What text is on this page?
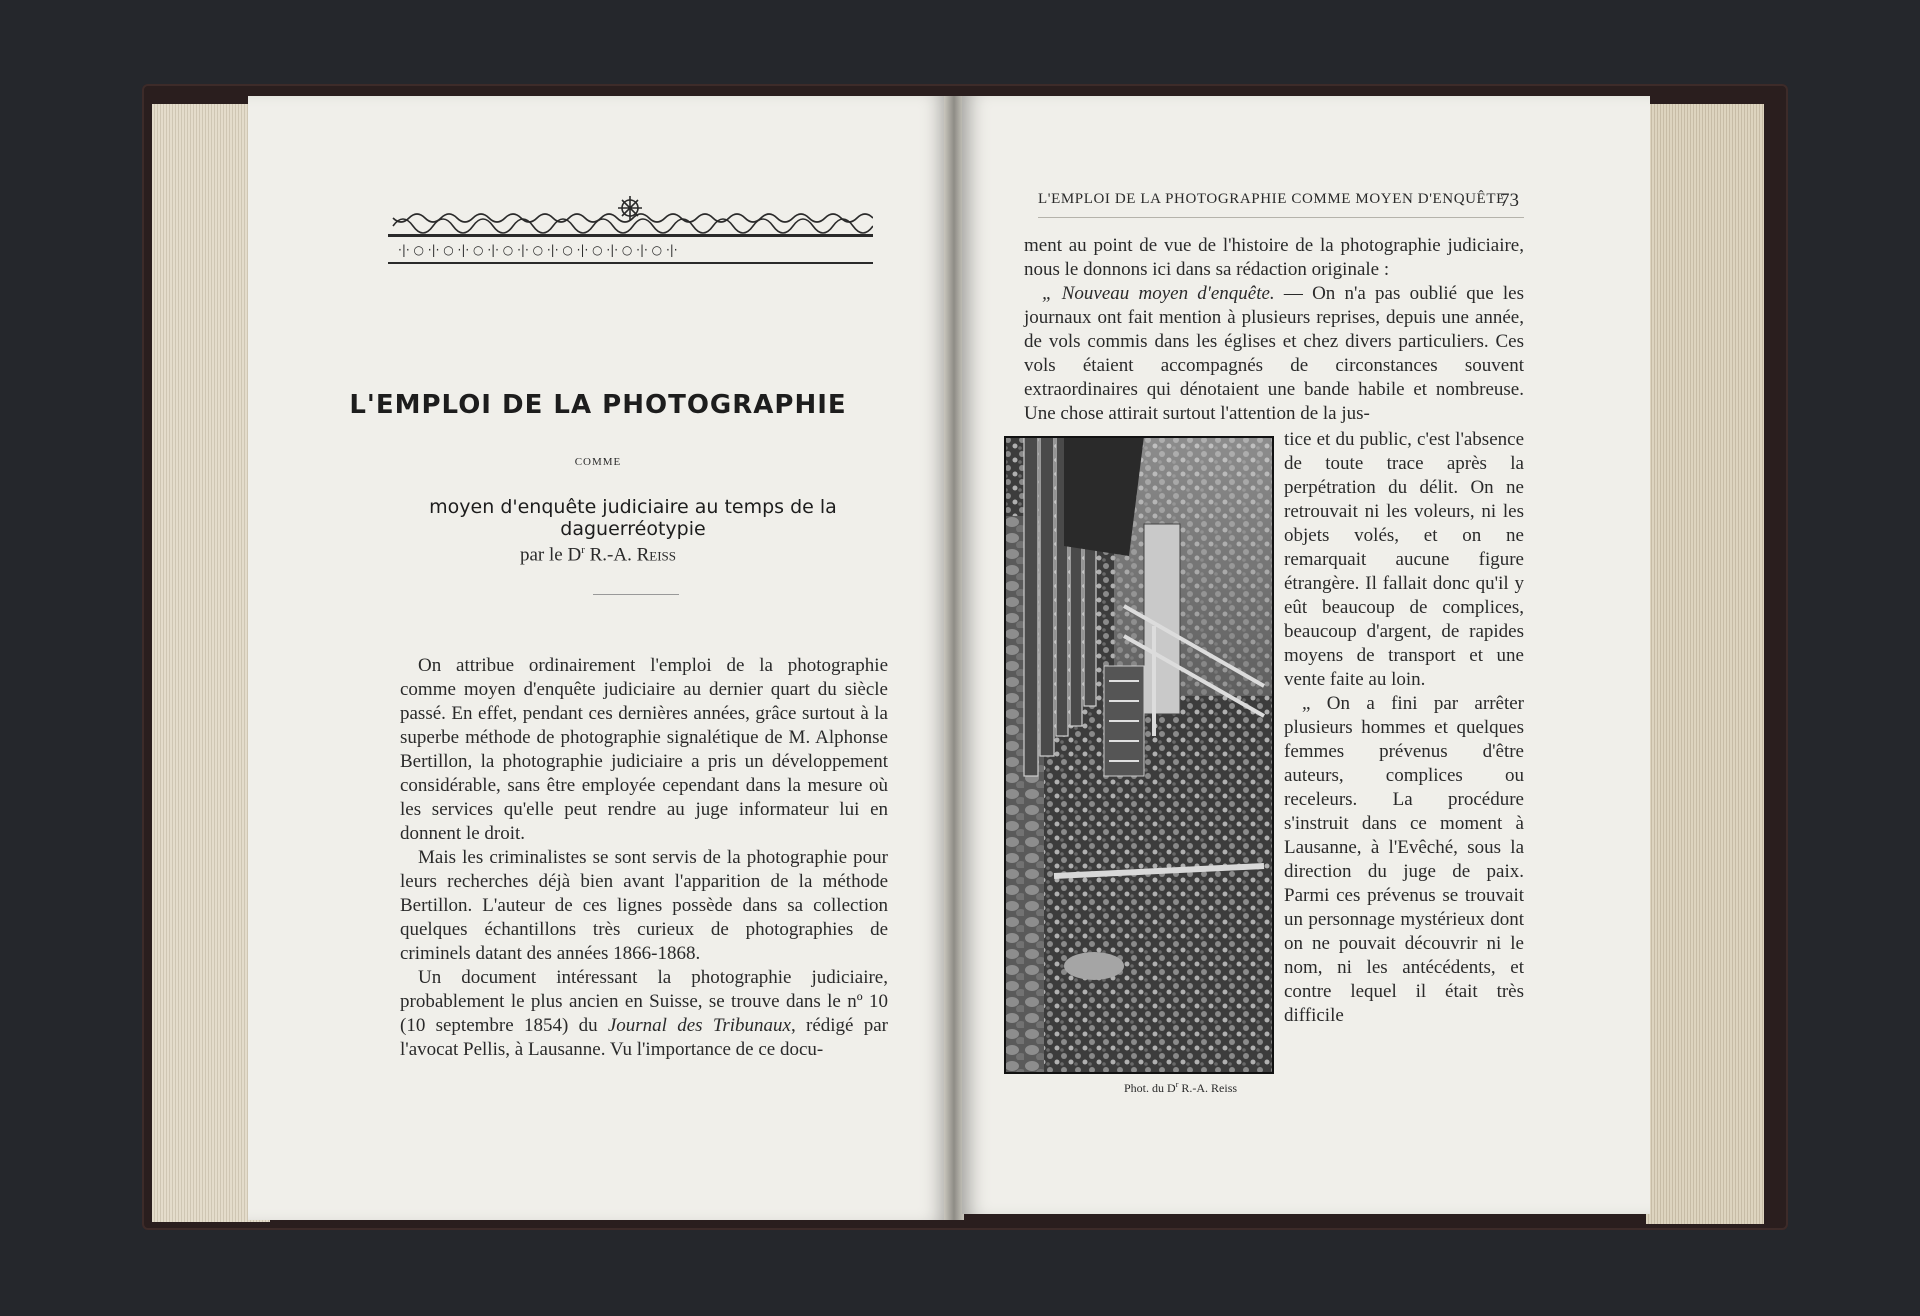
·|· ○ ·|· ○ ·|· ○ ·|· ○ ·|· ○ ·|· ○ ·|· ○ ·|· ○ ·|· ○ ·|·
L'EMPLOI DE LA PHOTOGRAPHIE
COMME
moyen d'enquête judiciaire au temps de la daguerréotypie
par le $D^r$ R.-A. Reiss

On attribue ordinairement l'emploi de la photographie comme moyen d'enquête judiciaire au dernier quart du siècle passé. En effet, pendant ces dernières années, grâce surtout à la superbe méthode de photographie signalétique de M. Alphonse Bertillon, la photographie judiciaire a pris un développement considérable, sans être employée cependant dans la mesure où les services qu'elle peut rendre au juge informateur lui en donnent le droit.

Mais les criminalistes se sont servis de la photographie pour leurs recherches déjà bien avant l'apparition de la méthode Bertillon. L'auteur de ces lignes possède dans sa collection quelques échantillons très curieux de photographies de criminels datant des années 1866-1868.

Un document intéressant la photographie judiciaire, probablement le plus ancien en Suisse, se trouve dans le nº 10 (10 septembre 1854) du Journal des Tribunaux, rédigé par l'avocat Pellis, à Lausanne. Vu l'importance de ce docu-

L'EMPLOI DE LA PHOTOGRAPHIE COMME MOYEN D'ENQUÊTE
73

ment au point de vue de l'histoire de la photographie judiciaire, nous le donnons ici dans sa rédaction originale :

„ Nouveau moyen d'enquête. — On n'a pas oublié que les journaux ont fait mention à plusieurs reprises, depuis une année, de vols commis dans les églises et chez divers particuliers. Ces vols étaient accompagnés de circonstances souvent extraordinaires qui dénotaient une bande habile et nombreuse. Une chose attirait surtout l'attention de la jus-

Phot. du $D^r$ R.-A. Reiss

tice et du public, c'est l'absence de toute trace après la perpétration du délit. On ne retrouvait ni les voleurs, ni les objets volés, et on ne remarquait aucune figure étrangère. Il fallait donc qu'il y eût beaucoup de complices, beaucoup d'argent, de rapides moyens de transport et une vente faite au loin.

„ On a fini par arrêter plusieurs hommes et quelques femmes prévenus d'être auteurs, complices ou receleurs. La procédure s'instruit dans ce moment à Lausanne, à l'Evêché, sous la direction du juge de paix. Parmi ces prévenus se trouvait un personnage mystérieux dont on ne pouvait découvrir ni le nom, ni les antécédents, et contre lequel il était très difficile
